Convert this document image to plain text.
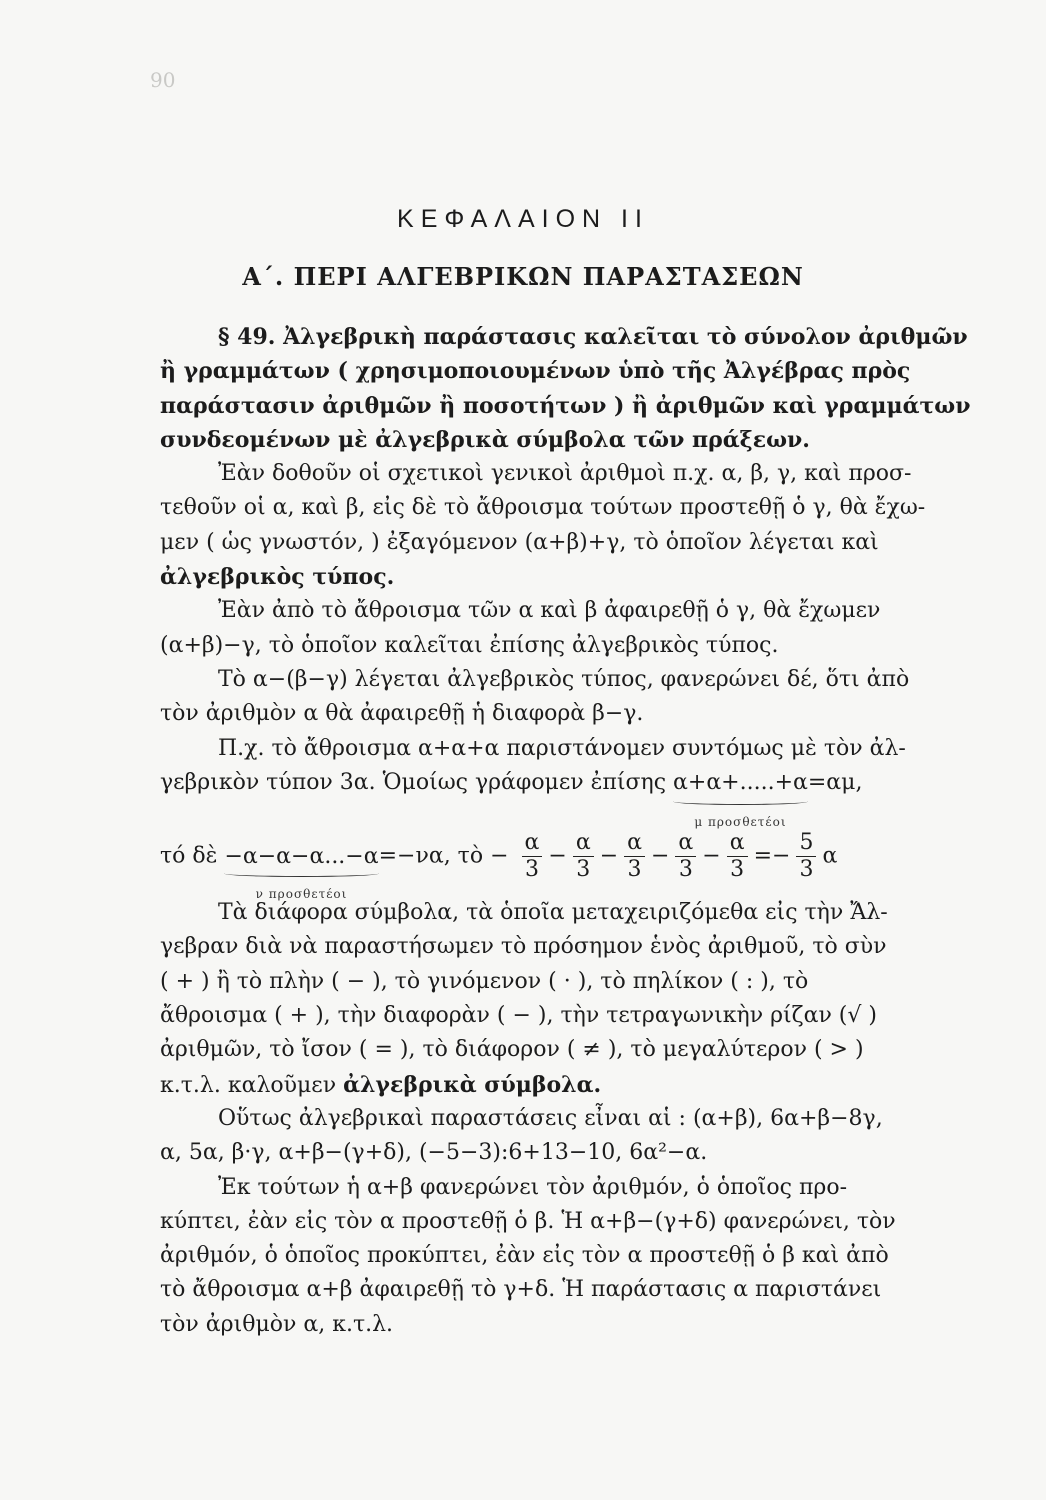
90
ΚΕΦΑΛΑΙΟΝ II
Α΄. ΠΕΡΙ ΑΛΓΕΒΡΙΚΩΝ ΠΑΡΑΣΤΑΣΕΩΝ
§ 49. Ἀλγεβρικὴ παράστασις καλεῖται τὸ σύνολον ἀριθμῶν
ἢ γραμμάτων ( χρησιμοποιουμένων ὑπὸ τῆς Ἀλγέβρας πρὸς
παράστασιν ἀριθμῶν ἢ ποσοτήτων ) ἢ ἀριθμῶν καὶ γραμμάτων
συνδεομένων μὲ ἀλγεβρικὰ σύμβολα τῶν πράξεων.
Ἐὰν δοθοῦν οἱ σχετικοὶ γενικοὶ ἀριθμοὶ π.χ. α, β, γ, καὶ προσ-
τεθοῦν οἱ α, καὶ β, εἰς δὲ τὸ ἄθροισμα τούτων προστεθῇ ὁ γ, θὰ ἔχω-
μεν ( ὡς γνωστόν, ) ἐξαγόμενον (α+β)+γ, τὸ ὁποῖον λέγεται καὶ
ἀλγεβρικὸς τύπος.
Ἐὰν ἀπὸ τὸ ἄθροισμα τῶν α καὶ β ἀφαιρεθῇ ὁ γ, θὰ ἔχωμεν
(α+β)−γ, τὸ ὁποῖον καλεῖται ἐπίσης ἀλγεβρικὸς τύπος.
Τὸ α−(β−γ) λέγεται ἀλγεβρικὸς τύπος, φανερώνει δέ, ὅτι ἀπὸ
τὸν ἀριθμὸν α θὰ ἀφαιρεθῇ ἡ διαφορὰ β−γ.
Π.χ. τὸ ἄθροισμα α+α+α παριστάνομεν συντόμως μὲ τὸν ἀλ-
γεβρικὸν τύπον 3α. Ὁμοίως γράφομεν ἐπίσης α+α+.....+α
μ προσθετέοι
=αμ,
τό δὲ −α−α−α...−α
ν προσθετέοι
=−να, τὸ − $\frac{\alpha}{3} - \frac{\alpha}{3} - \frac{\alpha}{3} - \frac{\alpha}{3} - \frac{\alpha}{3} =- \frac{5}{3}$ α
Τὰ διάφορα σύμβολα, τὰ ὁποῖα μεταχειριζόμεθα εἰς τὴν Ἄλ-
γεβραν διὰ νὰ παραστήσωμεν τὸ πρόσημον ἑνὸς ἀριθμοῦ, τὸ σὺν
( + ) ἢ τὸ πλὴν ( − ), τὸ γινόμενον ( · ), τὸ πηλίκον ( : ), τὸ
ἄθροισμα ( + ), τὴν διαφορὰν ( − ), τὴν τετραγωνικὴν ρίζαν (√ )
ἀριθμῶν, τὸ ἴσον ( = ), τὸ διάφορον ( ≠ ), τὸ μεγαλύτερον ( > )
κ.τ.λ. καλοῦμεν ἀλγεβρικὰ σύμβολα.
Οὕτως ἀλγεβρικαὶ παραστάσεις εἶναι αἱ : (α+β), 6α+β−8γ,
α, 5α, β·γ, α+β−(γ+δ), (−5−3):6+13−10, 6α²−α.
Ἐκ τούτων ἡ α+β φανερώνει τὸν ἀριθμόν, ὁ ὁποῖος προ-
κύπτει, ἐὰν εἰς τὸν α προστεθῇ ὁ β. Ἡ α+β−(γ+δ) φανερώνει, τὸν
ἀριθμόν, ὁ ὁποῖος προκύπτει, ἐὰν εἰς τὸν α προστεθῇ ὁ β καὶ ἀπὸ
τὸ ἄθροισμα α+β ἀφαιρεθῇ τὸ γ+δ. Ἡ παράστασις α παριστάνει
τὸν ἀριθμὸν α, κ.τ.λ.
